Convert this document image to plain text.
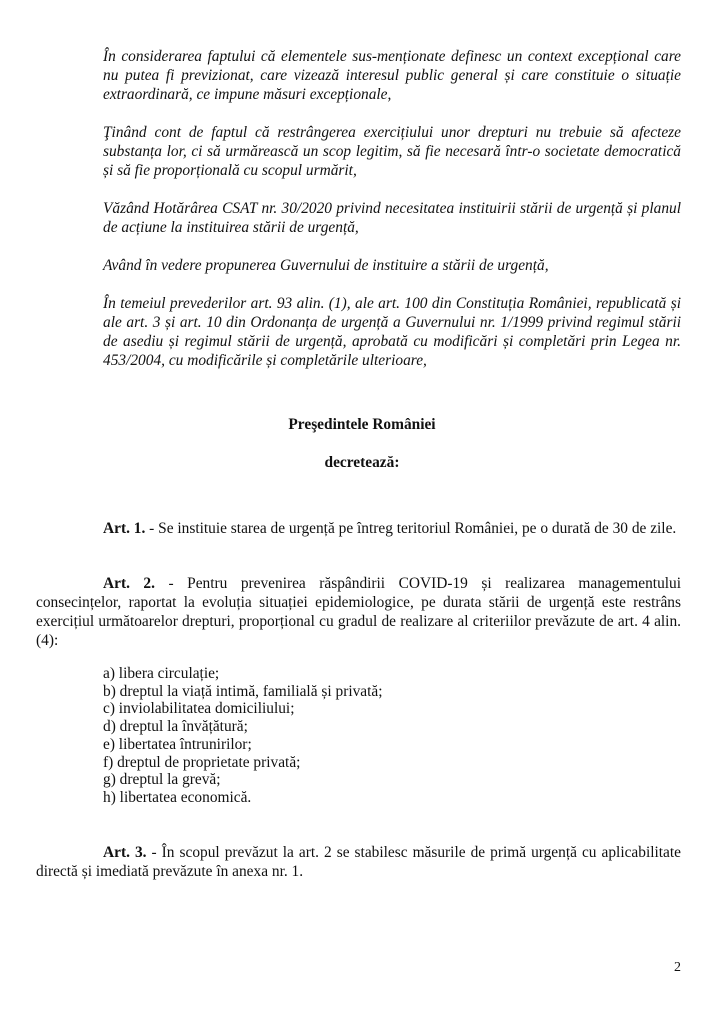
În considerarea faptului că elementele sus-menționate definesc un context excepțional care nu putea fi previzionat, care vizează interesul public general și care constituie o situație extraordinară, ce impune măsuri excepționale,

Ţinând cont de faptul că restrângerea exercițiului unor drepturi nu trebuie să afecteze substanța lor, ci să urmărească un scop legitim, să fie necesară într-o societate democratică și să fie proporțională cu scopul urmărit,

Văzând Hotărârea CSAT nr. 30/2020 privind necesitatea instituirii stării de urgență și planul de acțiune la instituirea stării de urgență,

Având în vedere propunerea Guvernului de instituire a stării de urgență,

În temeiul prevederilor art. 93 alin. (1), ale art. 100 din Constituția României, republicată și ale art. 3 și art. 10 din Ordonanța de urgență a Guvernului nr. 1/1999 privind regimul stării de asediu și regimul stării de urgență, aprobată cu modificări și completări prin Legea nr. 453/2004, cu modificările și completările ulterioare,

Preşedintele României

decretează:

Art. 1. - Se instituie starea de urgență pe întreg teritoriul României, pe o durată de 30 de zile.

Art. 2. - Pentru prevenirea răspândirii COVID-19 și realizarea managementului consecințelor, raportat la evoluția situației epidemiologice, pe durata stării de urgență este restrâns exercițiul următoarelor drepturi, proporțional cu gradul de realizare al criteriilor prevăzute de art. 4 alin. (4):

a) libera circulație;
b) dreptul la viață intimă, familială și privată;
c) inviolabilitatea domiciliului;
d) dreptul la învățătură;
e) libertatea întrunirilor;
f) dreptul de proprietate privată;
g) dreptul la grevă;
h) libertatea economică.

Art. 3. - În scopul prevăzut la art. 2 se stabilesc măsurile de primă urgență cu aplicabilitate directă și imediată prevăzute în anexa nr. 1.

2
